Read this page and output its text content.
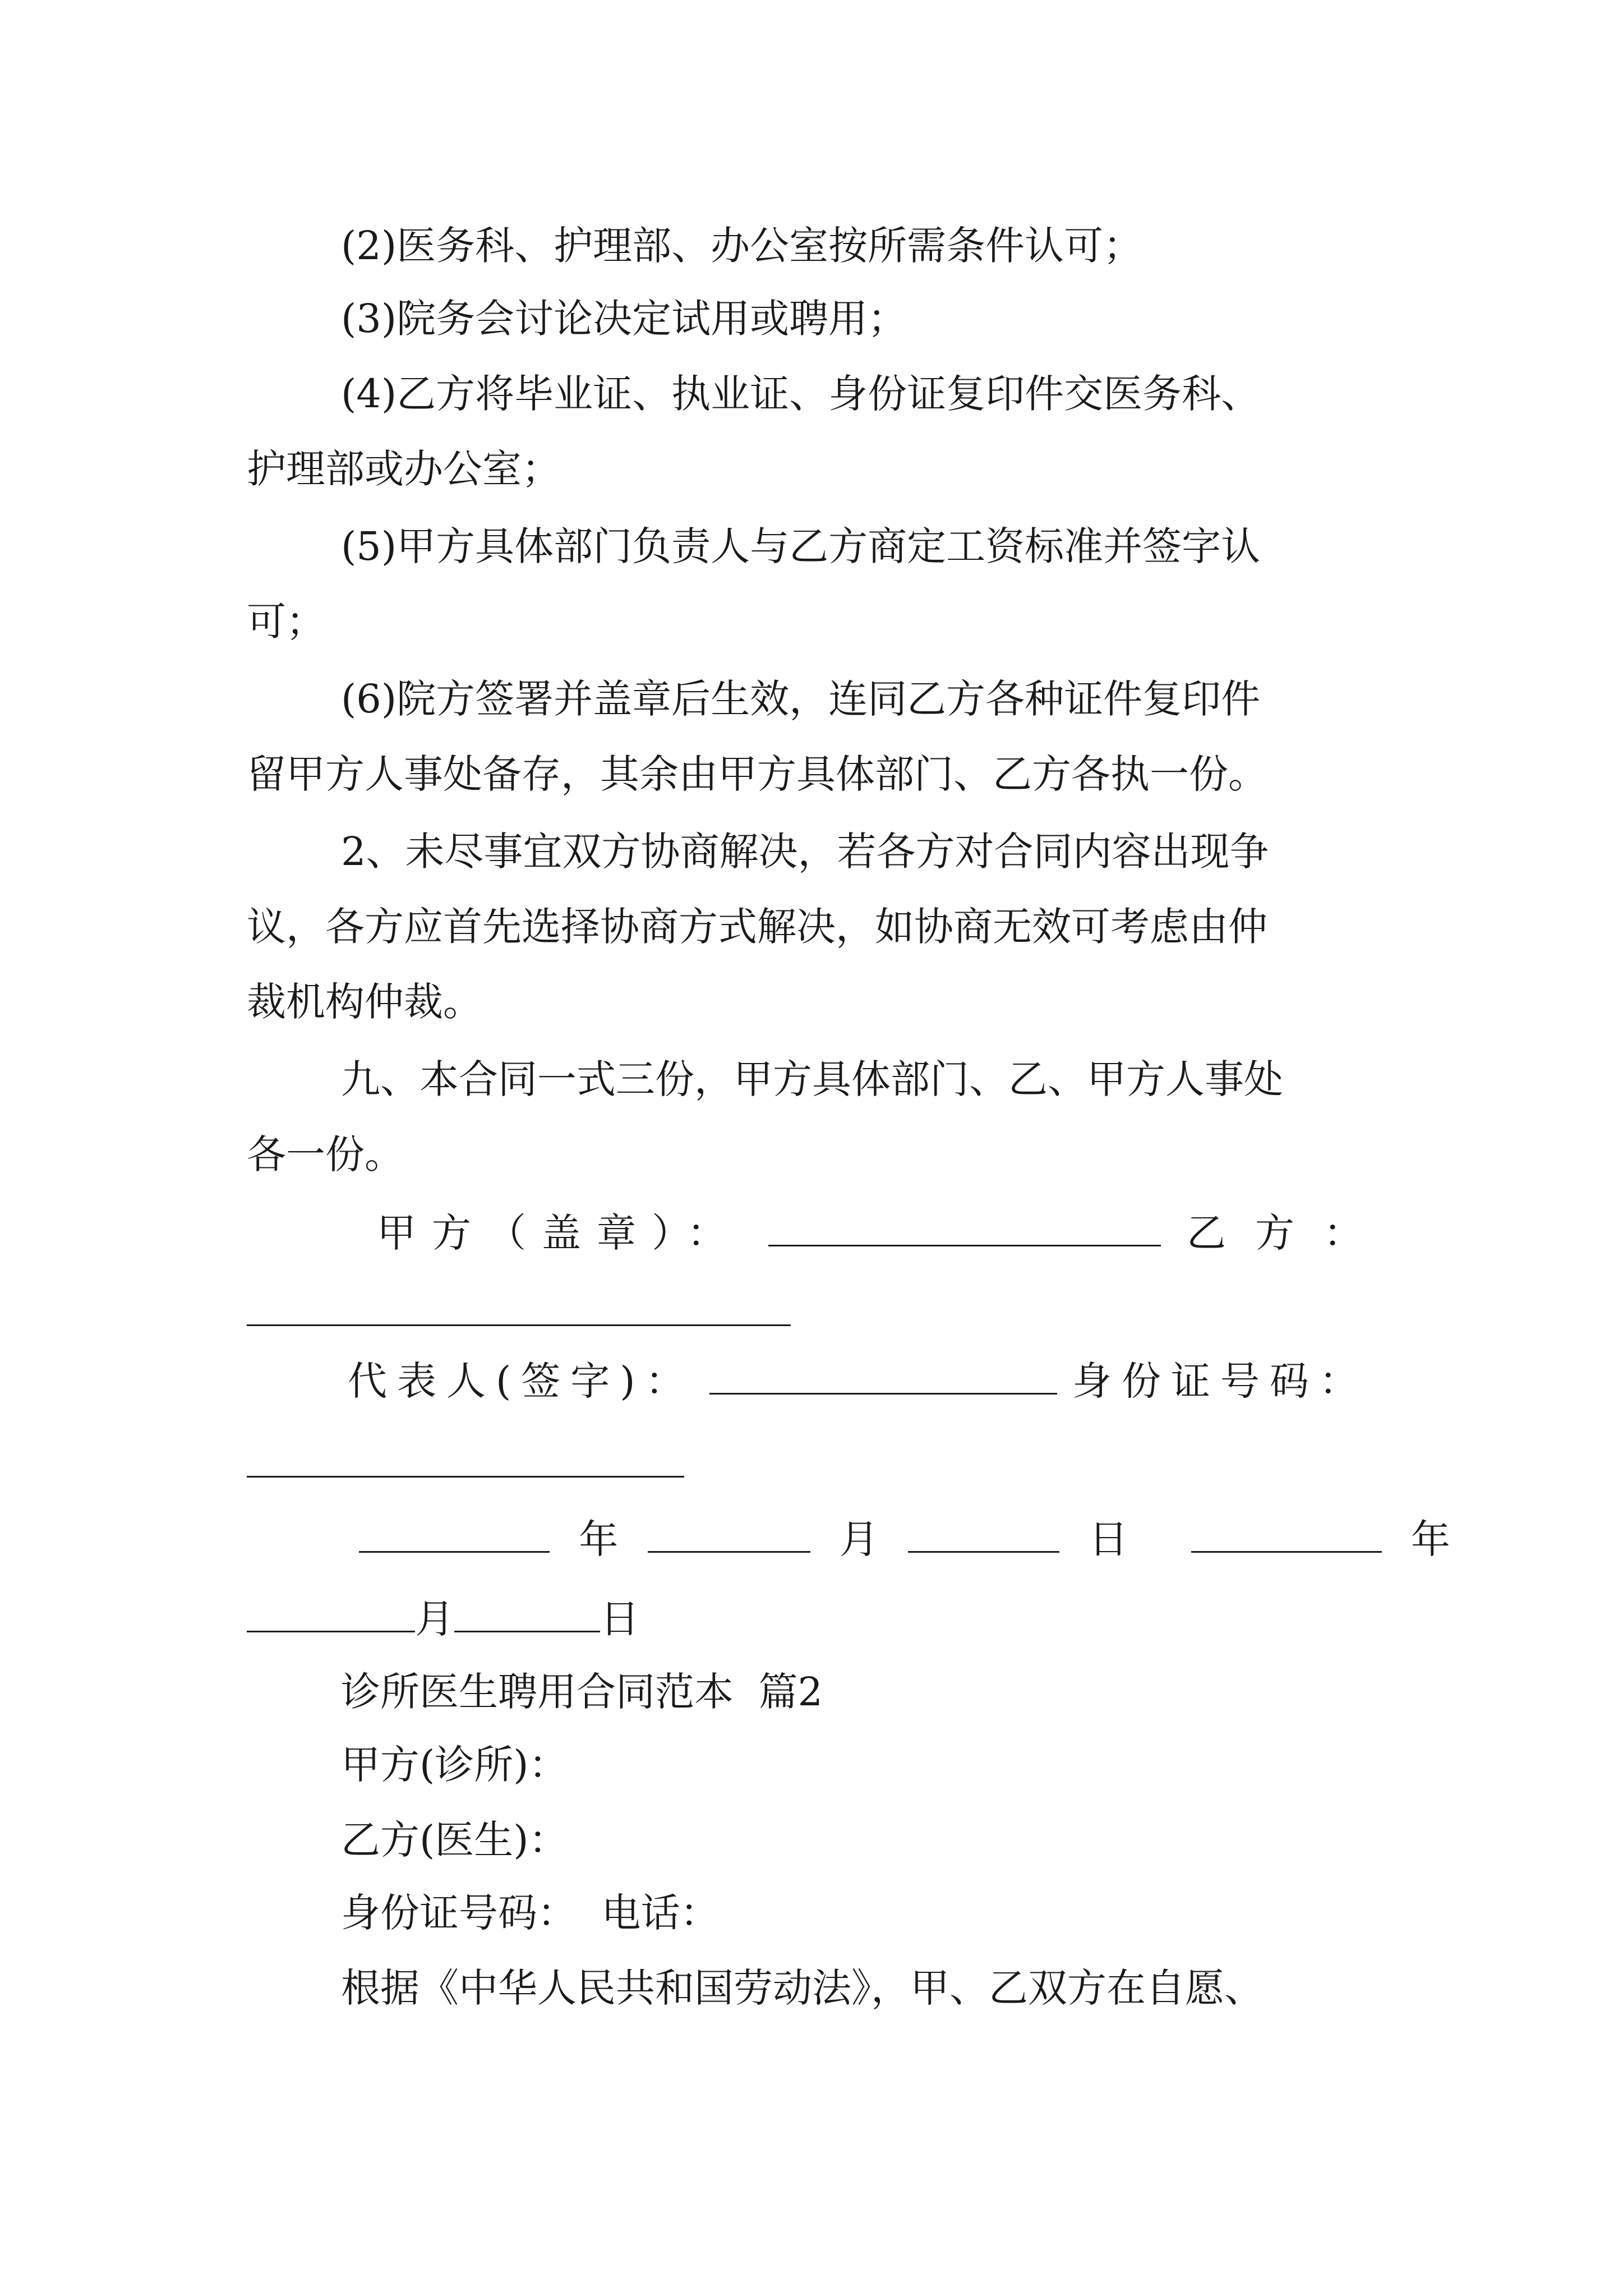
(2)医务科、护理部、办公室按所需条件认可；
(3)院务会讨论决定试用或聘用；
(4)乙方将毕业证、执业证、身份证复印件交医务科、
护理部或办公室；
(5)甲方具体部门负责人与乙方商定工资标准并签字认
可；
(6)院方签署并盖章后生效，连同乙方各种证件复印件
留甲方人事处备存，其余由甲方具体部门、乙方各执一份。
2、未尽事宜双方协商解决，若各方对合同内容出现争
议，各方应首先选择协商方式解决，如协商无效可考虑由仲
裁机构仲裁。
九、本合同一式三份，甲方具体部门、乙、甲方人事处
各一份。
甲方（盖章）：	乙方：
代表人(签字)：	身份证号码：
年	月	日	年
月	日
诊所医生聘用合同范本  篇2
甲方(诊所)：
乙方(医生)：
身份证号码：  电话：
根据《中华人民共和国劳动法》，甲、乙双方在自愿、
